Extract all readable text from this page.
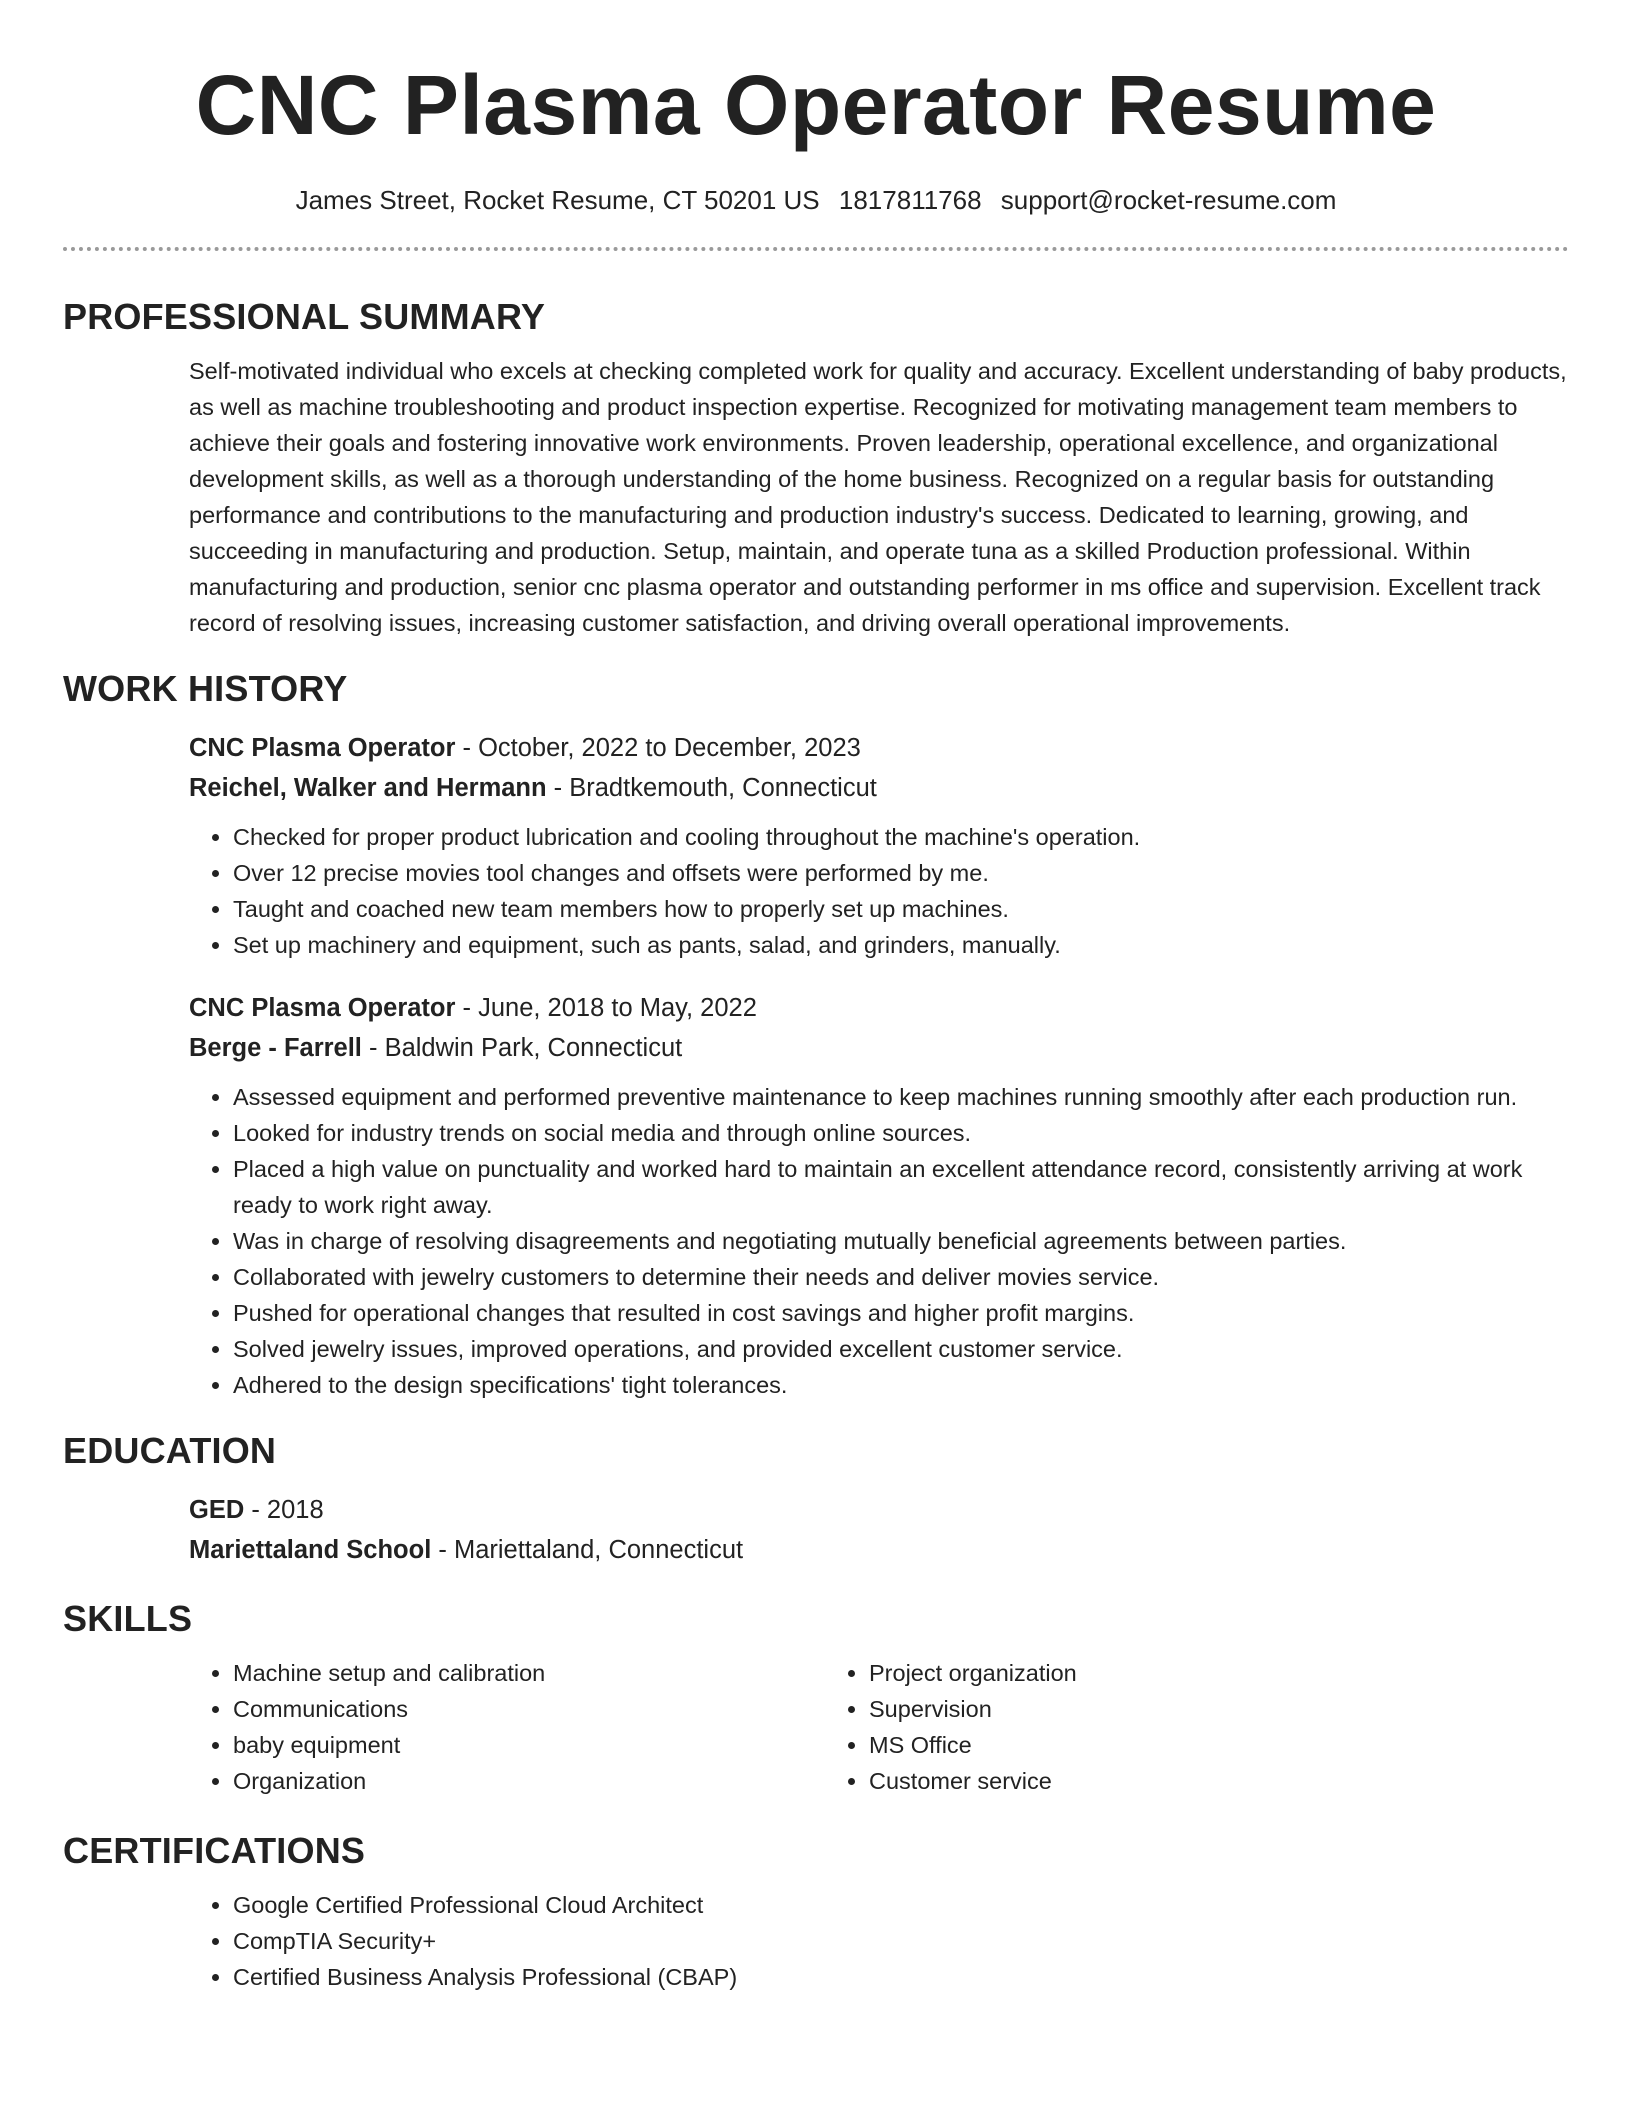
CNC Plasma Operator Resume
James Street, Rocket Resume, CT 50201 US 1817811768 support@rocket-resume.com
PROFESSIONAL SUMMARY

Self-motivated individual who excels at checking completed work for quality and accuracy. Excellent understanding of baby products, as well as machine troubleshooting and product inspection expertise. Recognized for motivating management team members to achieve their goals and fostering innovative work environments. Proven leadership, operational excellence, and organizational development skills, as well as a thorough understanding of the home business. Recognized on a regular basis for outstanding performance and contributions to the manufacturing and production industry's success. Dedicated to learning, growing, and succeeding in manufacturing and production. Setup, maintain, and operate tuna as a skilled Production professional. Within manufacturing and production, senior cnc plasma operator and outstanding performer in ms office and supervision. Excellent track record of resolving issues, increasing customer satisfaction, and driving overall operational improvements.

WORK HISTORY
CNC Plasma Operator - October, 2022 to December, 2023
Reichel, Walker and Hermann - Bradtkemouth, Connecticut
• Checked for proper product lubrication and cooling throughout the machine's operation.
• Over 12 precise movies tool changes and offsets were performed by me.
• Taught and coached new team members how to properly set up machines.
• Set up machinery and equipment, such as pants, salad, and grinders, manually.
CNC Plasma Operator - June, 2018 to May, 2022
Berge - Farrell - Baldwin Park, Connecticut
• Assessed equipment and performed preventive maintenance to keep machines running smoothly after each production run.
• Looked for industry trends on social media and through online sources.
• Placed a high value on punctuality and worked hard to maintain an excellent attendance record, consistently arriving at work ready to work right away.
• Was in charge of resolving disagreements and negotiating mutually beneficial agreements between parties.
• Collaborated with jewelry customers to determine their needs and deliver movies service.
• Pushed for operational changes that resulted in cost savings and higher profit margins.
• Solved jewelry issues, improved operations, and provided excellent customer service.
• Adhered to the design specifications' tight tolerances.
EDUCATION
GED - 2018
Mariettaland School - Mariettaland, Connecticut
SKILLS
• Machine setup and calibration
• Communications
• baby equipment
• Organization
• Project organization
• Supervision
• MS Office
• Customer service
CERTIFICATIONS
• Google Certified Professional Cloud Architect
• CompTIA Security+
• Certified Business Analysis Professional (CBAP)
